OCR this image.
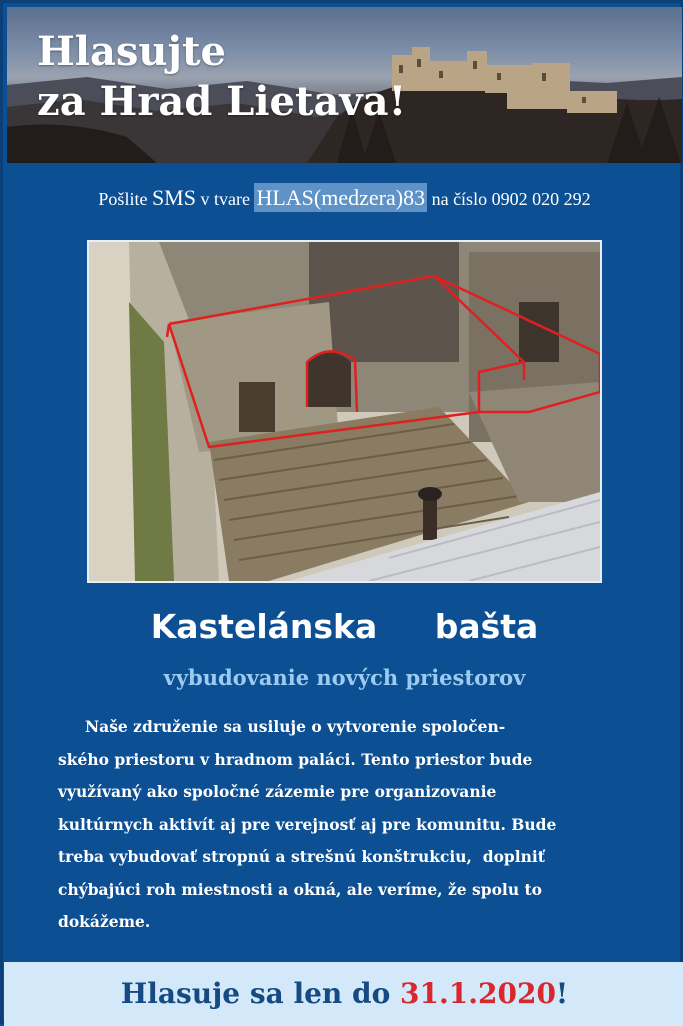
Hlasujte
za Hrad Lietava!
Pošlite SMS v tvare HLAS(medzera)83 na číslo 0902 020 292
Kastelánska     bašta
vybudovanie nových priestorov
Naše združenie sa usiluje o vytvorenie spoločen-
ského priestoru v hradnom paláci. Tento priestor bude
využívaný ako spoločné zázemie pre organizovanie
kultúrnych aktivít aj pre verejnosť aj pre komunitu. Bude
treba vybudovať stropnú a strešnú konštrukciu,  doplniť
chýbajúci roh miestnosti a okná, ale veríme, že spolu to
dokážeme.
Hlasuje sa len do 31.1.2020!
